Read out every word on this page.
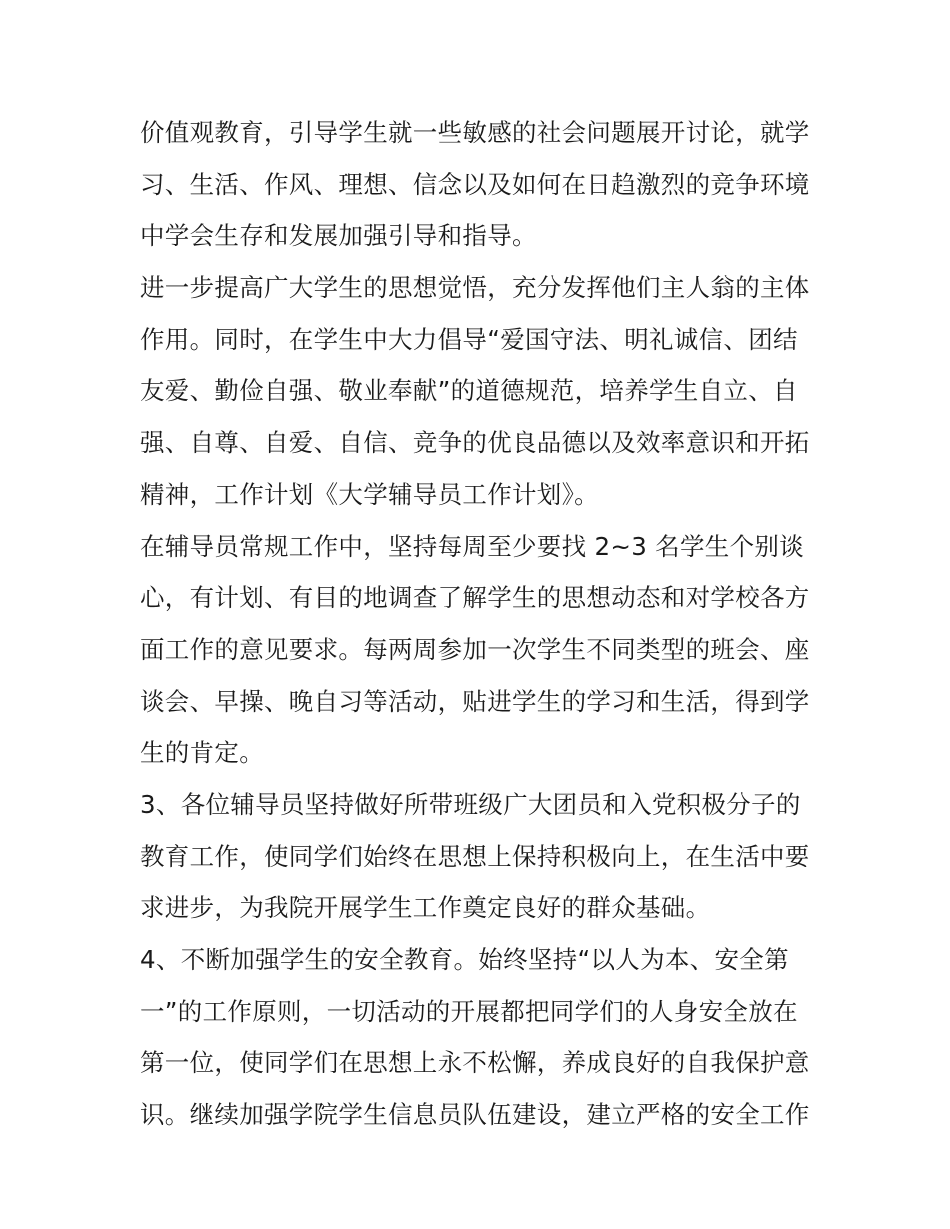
价值观教育，引导学生就一些敏感的社会问题展开讨论，就学
习、生活、作风、理想、信念以及如何在日趋激烈的竞争环境
中学会生存和发展加强引导和指导。
进一步提高广大学生的思想觉悟，充分发挥他们主人翁的主体
作用。同时，在学生中大力倡导“爱国守法、明礼诚信、团结
友爱、勤俭自强、敬业奉献”的道德规范，培养学生自立、自
强、自尊、自爱、自信、竞争的优良品德以及效率意识和开拓
精神，工作计划《大学辅导员工作计划》。
在辅导员常规工作中，坚持每周至少要找 2~3 名学生个别谈
心，有计划、有目的地调查了解学生的思想动态和对学校各方
面工作的意见要求。每两周参加一次学生不同类型的班会、座
谈会、早操、晚自习等活动，贴进学生的学习和生活，得到学
生的肯定。
3、各位辅导员坚持做好所带班级广大团员和入党积极分子的
教育工作，使同学们始终在思想上保持积极向上，在生活中要
求进步，为我院开展学生工作奠定良好的群众基础。
4、不断加强学生的安全教育。始终坚持“以人为本、安全第
一”的工作原则，一切活动的开展都把同学们的人身安全放在
第一位，使同学们在思想上永不松懈，养成良好的自我保护意
识。继续加强学院学生信息员队伍建设，建立严格的安全工作
